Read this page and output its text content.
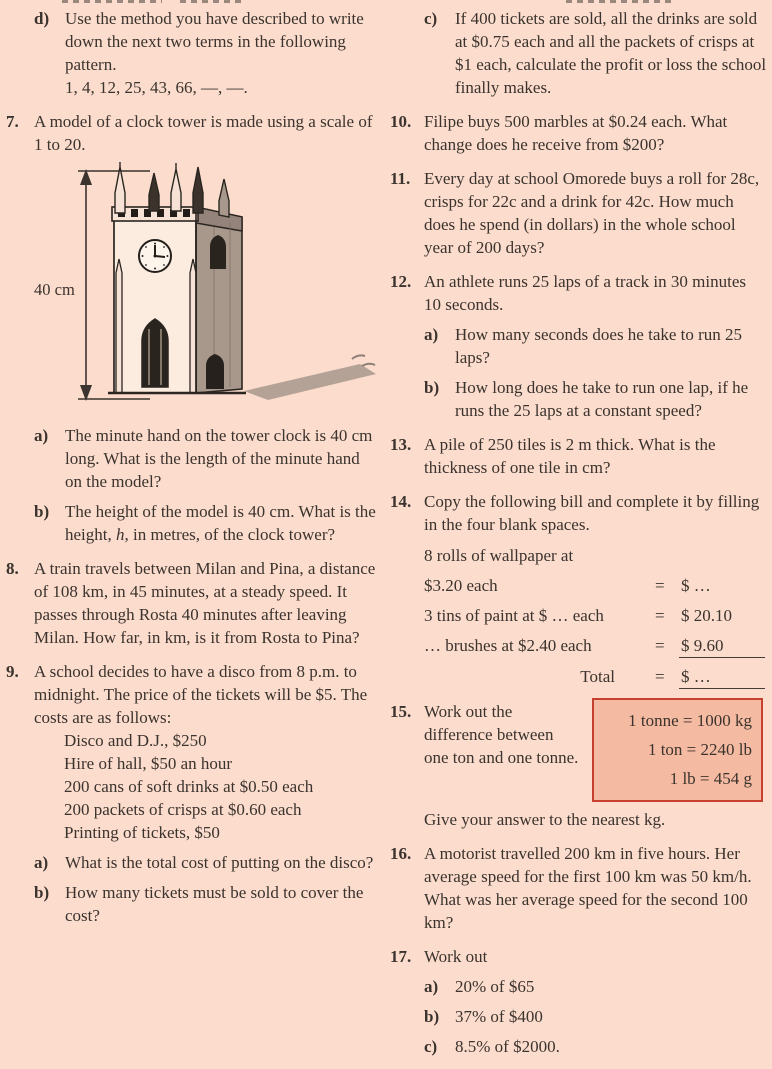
d) Use the method you have described to write down the next two terms in the following pattern.
1, 4, 12, 25, 43, 66, —, —.
7. A model of a clock tower is made using a scale of 1 to 20.
40 cm
a) The minute hand on the tower clock is 40 cm long. What is the length of the minute hand on the model?
b) The height of the model is 40 cm. What is the height, h, in metres, of the clock tower?
8. A train travels between Milan and Pina, a distance of 108 km, in 45 minutes, at a steady speed. It passes through Rosta 40 minutes after leaving Milan. How far, in km, is it from Rosta to Pina?
9. A school decides to have a disco from 8 p.m. to midnight. The price of the tickets will be $5. The costs are as follows:
Disco and D.J., $250
Hire of hall, $50 an hour
200 cans of soft drinks at $0.50 each
200 packets of crisps at $0.60 each
Printing of tickets, $50
a) What is the total cost of putting on the disco?
b) How many tickets must be sold to cover the cost?
c)	If 400 tickets are sold, all the drinks are sold at $0.75 each and all the packets of crisps at $1 each, calculate the profit or loss the school finally makes.
10. Filipe buys 500 marbles at $0.24 each. What change does he receive from $200?
11. Every day at school Omorede buys a roll for 28c, crisps for 22c and a drink for 42c. How much does he spend (in dollars) in the whole school year of 200 days?
12. An athlete runs 25 laps of a track in 30 minutes 10 seconds.
a) How many seconds does he take to run 25 laps?
b) How long does he take to run one lap, if he runs the 25 laps at a constant speed?
13. A pile of 250 tiles is 2 m thick. What is the thickness of one tile in cm?
14. Copy the following bill and complete it by filling in the four blank spaces.
8 rolls of wallpaper at
$3.20 each	= $ …
3 tins of paint at $ … each	= $ 20.10
… brushes at $2.40 each	= $ 9.60
Total	= $ …
15.	1 tonne = 1000 kg
1 ton = 2240 lb
1 lb = 454 g
Work out the difference between one ton and one tonne.
Give your answer to the nearest kg.
16. A motorist travelled 200 km in five hours. Her average speed for the first 100 km was 50 km/h. What was her average speed for the second 100 km?
17. Work out
a) 20% of $65
b) 37% of $400
c)	8.5% of $2000.
